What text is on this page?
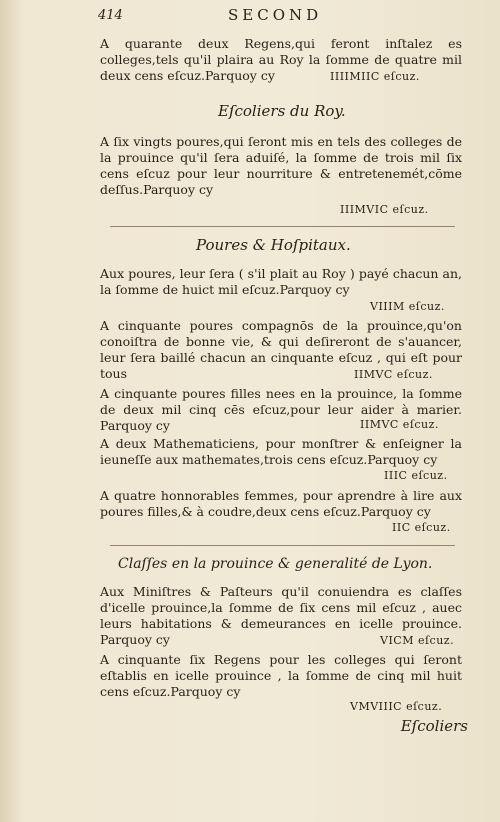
414	SECOND

A quarante deux Regens,qui feront inſtalez es colleges,tels qu'il plaira au Roy la ſomme de quatre mil deux cens eſcuz.Parquoy cy	IIIIMIIC eſcuz.
Eſcoliers du Roy.

A ſix vingts poures,qui ſeront mis en tels des colleges de la prouince qu'il ſera aduiſé, la ſomme de trois mil ſix cens eſcuz pour leur nourriture & entretenemét,cōme deſſus.Parquoy cy

IIIMVIC eſcuz.
Poures & Hoſpitaux.

Aux poures, leur ſera ( s'il plait au Roy ) payé chacun an, la ſomme de huict mil eſcuz.Parquoy cy

VIIIM eſcuz.

A cinquante poures compagnōs de la prouince,qu'on conoiſtra de bonne vie, & qui deſireront de s'auancer, leur ſera baillé chacun an cinquante eſcuz , qui eſt pour tous	IIMVC eſcuz.

A cinquante poures filles nees en la prouince, la ſomme de deux mil cinq cēs eſcuz,pour leur aider à marier. Parquoy cy	IIMVC eſcuz.

A deux Mathematiciens, pour monſtrer & enſeigner la ieuneſſe aux mathemates,trois cens eſcuz.Parquoy cy

IIIC eſcuz.

A quatre honnorables femmes, pour aprendre à lire aux poures filles,& à coudre,deux cens eſcuz.Parquoy cy

IIC eſcuz.
Claſſes en la prouince & generalité de Lyon.

Aux Miniſtres & Paſteurs qu'il conuiendra es claſſes d'icelle prouince,la ſomme de ſix cens mil eſcuz , auec leurs habitations & demeurances en icelle prouince. Parquoy cy	VICM eſcuz.

A cinquante ſix Regens pour les colleges qui ſeront eſtablis en icelle prouince , la ſomme de cinq mil huit cens eſcuz.Parquoy cy

VMVIIIC eſcuz.
Eſcoliers
